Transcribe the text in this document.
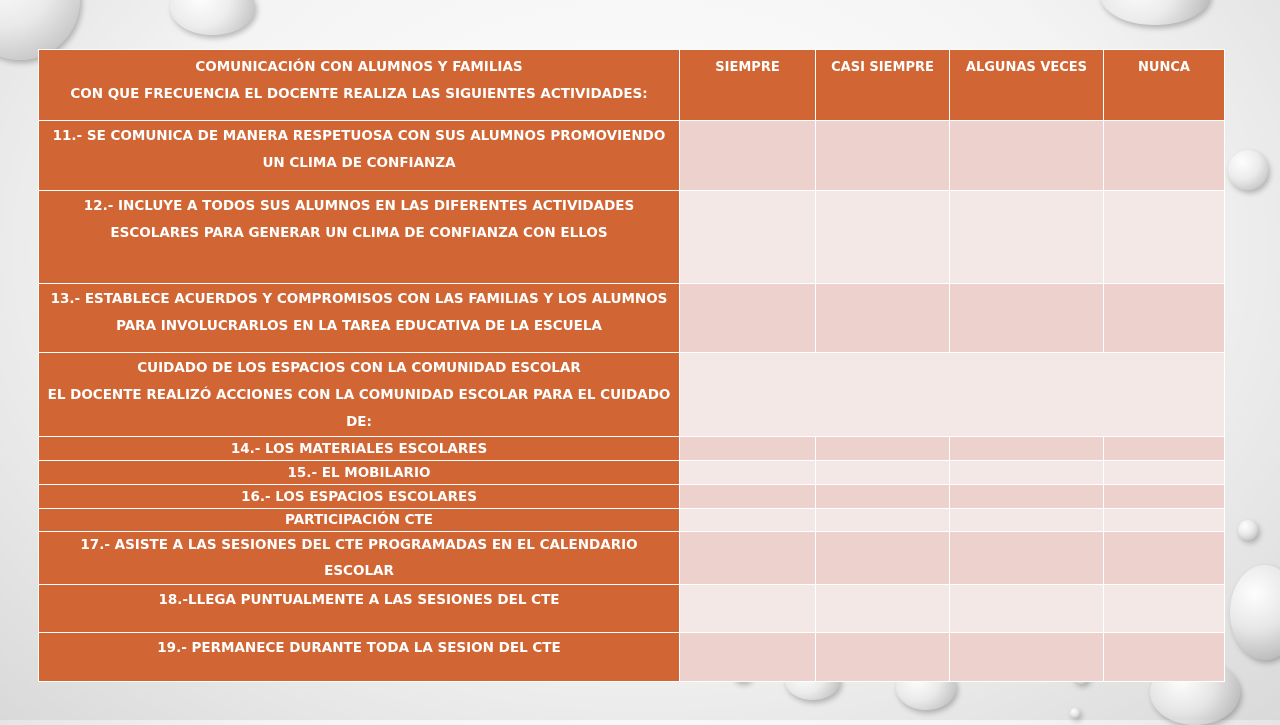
COMUNICACIÓN CON ALUMNOS Y FAMILIAS
CON QUE FRECUENCIA EL DOCENTE REALIZA LAS SIGUIENTES ACTIVIDADES:	SIEMPRE	CASI SIEMPRE	ALGUNAS VECES	NUNCA
11.- SE COMUNICA DE MANERA RESPETUOSA CON SUS ALUMNOS PROMOVIENDO UN CLIMA DE CONFIANZA				
12.- INCLUYE A TODOS SUS ALUMNOS EN LAS DIFERENTES ACTIVIDADES ESCOLARES PARA GENERAR UN CLIMA DE CONFIANZA CON ELLOS				
13.- ESTABLECE ACUERDOS Y COMPROMISOS CON LAS FAMILIAS Y LOS ALUMNOS PARA INVOLUCRARLOS EN LA TAREA EDUCATIVA DE LA ESCUELA				

CUIDADO DE LOS ESPACIOS CON LA COMUNIDAD ESCOLAR
EL DOCENTE REALIZÓ ACCIONES CON LA COMUNIDAD ESCOLAR PARA EL CUIDADO DE:				

14.- LOS MATERIALES ESCOLARES				
15.- EL MOBILARIO				
16.- LOS ESPACIOS ESCOLARES				
PARTICIPACIÓN CTE				
17.- ASISTE A LAS SESIONES DEL CTE PROGRAMADAS EN EL CALENDARIO ESCOLAR				
18.-LLEGA PUNTUALMENTE A LAS SESIONES DEL CTE				
19.- PERMANECE DURANTE TODA LA SESION DEL CTE				
